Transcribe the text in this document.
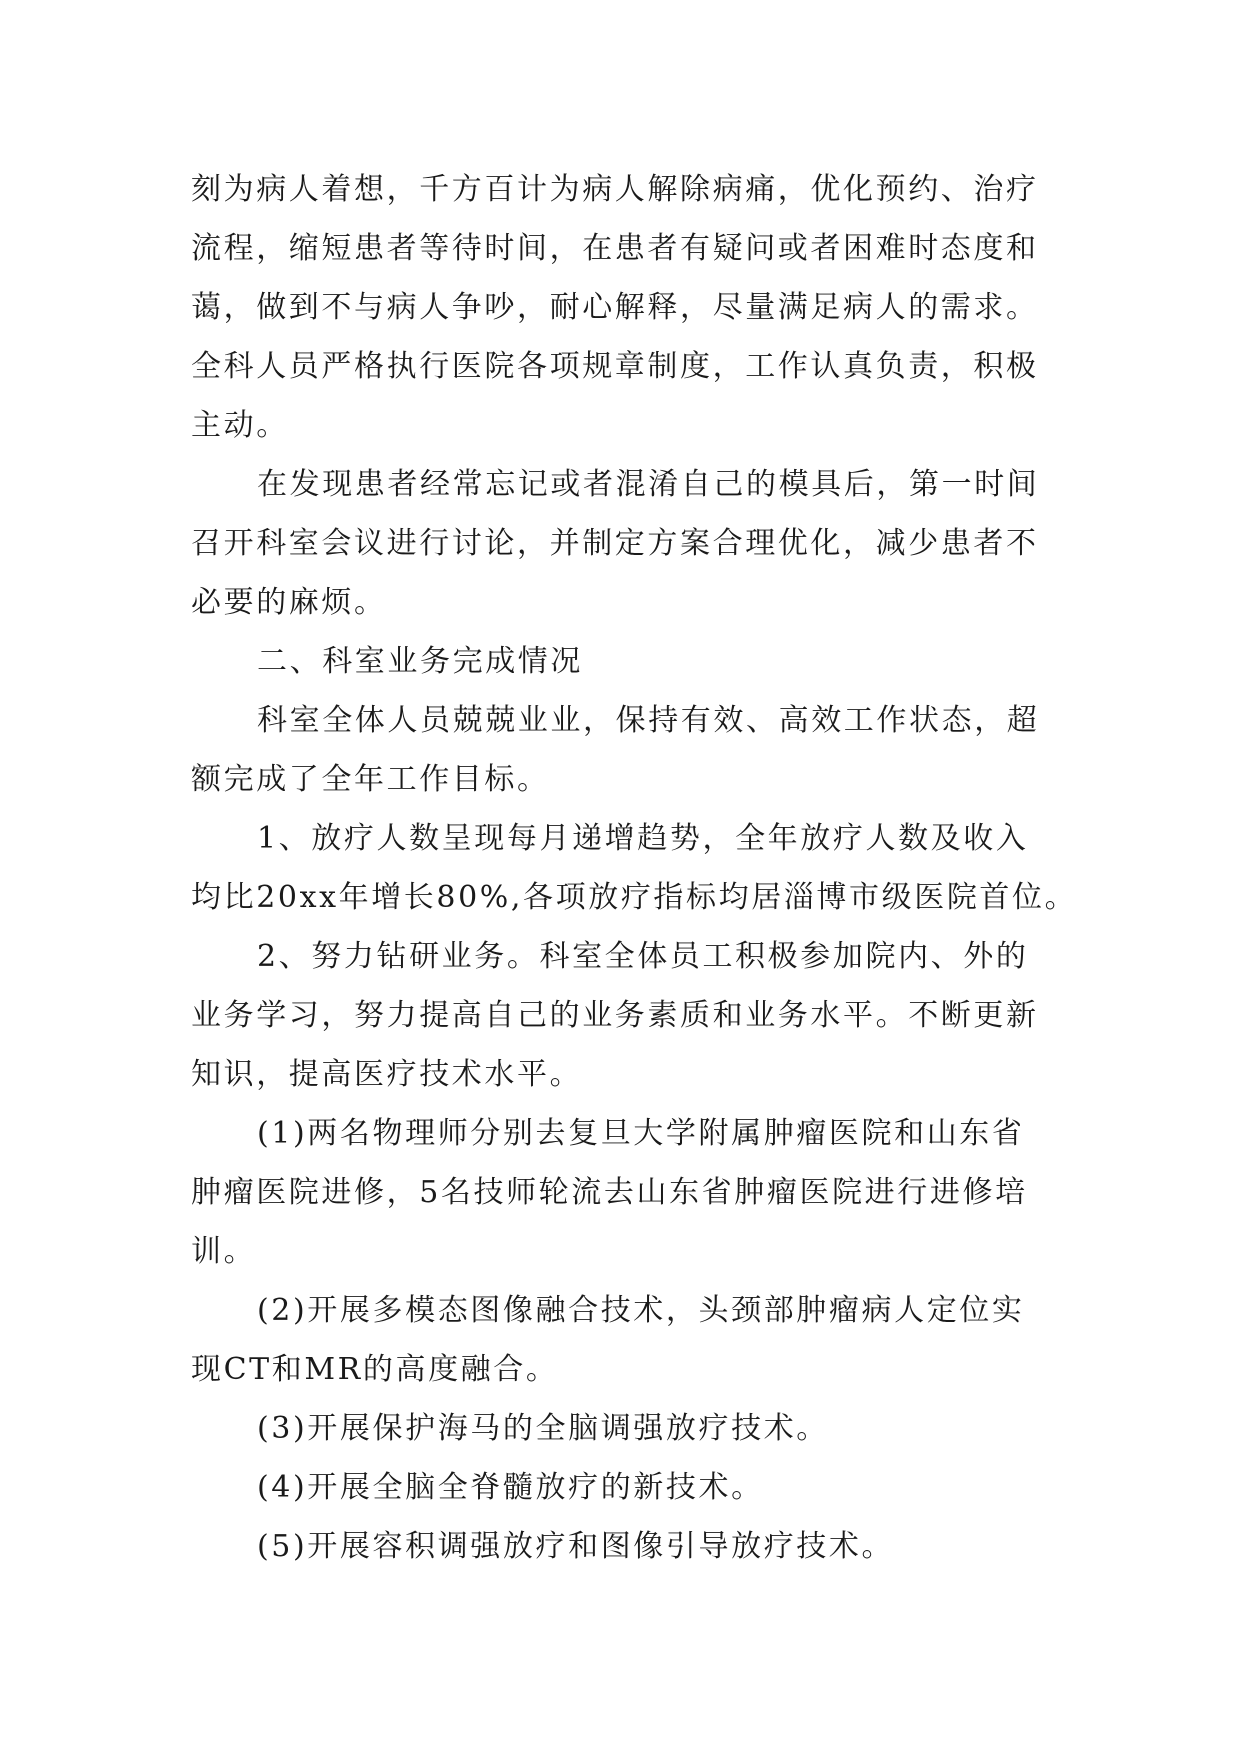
刻为病人着想，千方百计为病人解除病痛，优化预约、治疗
流程，缩短患者等待时间，在患者有疑问或者困难时态度和
蔼，做到不与病人争吵，耐心解释，尽量满足病人的需求。
全科人员严格执行医院各项规章制度，工作认真负责，积极
主动。
在发现患者经常忘记或者混淆自己的模具后，第一时间
召开科室会议进行讨论，并制定方案合理优化，减少患者不
必要的麻烦。
二、科室业务完成情况
科室全体人员兢兢业业，保持有效、高效工作状态，超
额完成了全年工作目标。
1、放疗人数呈现每月递增趋势，全年放疗人数及收入
均比20xx年增长80%,各项放疗指标均居淄博市级医院首位。
2、努力钻研业务。科室全体员工积极参加院内、外的
业务学习，努力提高自己的业务素质和业务水平。不断更新
知识，提高医疗技术水平。
(1)两名物理师分别去复旦大学附属肿瘤医院和山东省
肿瘤医院进修，5名技师轮流去山东省肿瘤医院进行进修培
训。
(2)开展多模态图像融合技术，头颈部肿瘤病人定位实
现CT和MR的高度融合。
(3)开展保护海马的全脑调强放疗技术。
(4)开展全脑全脊髓放疗的新技术。
(5)开展容积调强放疗和图像引导放疗技术。
